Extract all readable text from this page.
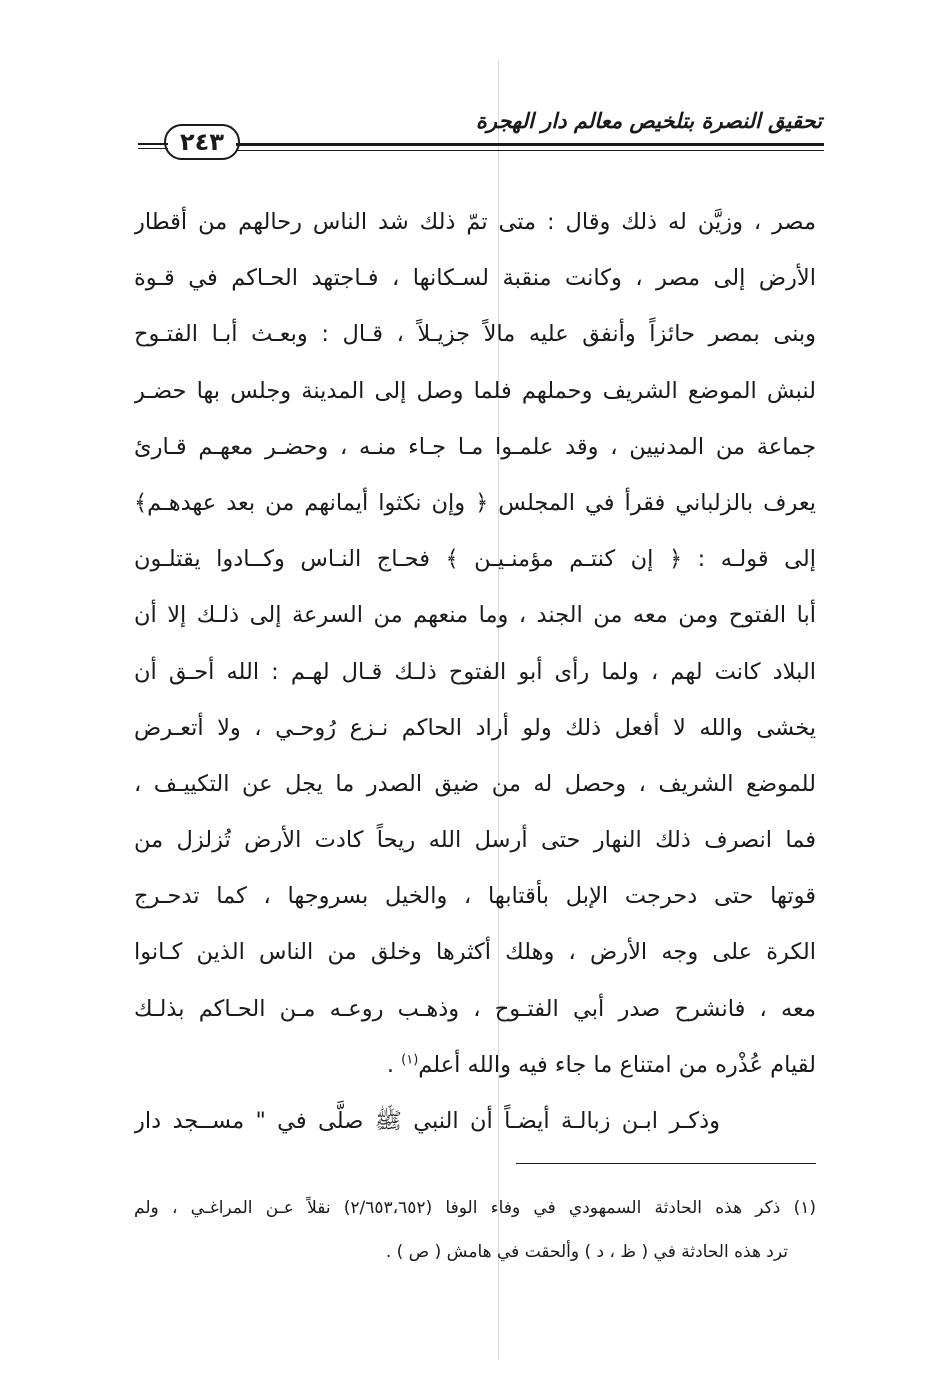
تحقيق النصرة بتلخيص معالم دار الهجرة
٢٤٣
مصر ، وزيَّن له ذلك وقال : متى تمّ ذلك شد الناس رحالهم من أقطار
الأرض إلى مصر ، وكانت منقبة لسـكانها ، فـاجتهد الحـاكم في قـوة
وبنى بمصر حائزاً وأنفق عليه مالاً جزيـلاً ، قـال : وبعـث أبـا الفتـوح
لنبش الموضع الشريف وحملهم فلما وصل إلى المدينة وجلس بها حضـر
جماعة من المدنيين ، وقد علمـوا مـا جـاء منـه ، وحضـر معهـم قـارئ
يعرف بالزلباني فقرأ في المجلس ﴿ وإن نكثوا أيمانهم من بعد عهدهـم﴾
إلى قولـه : ﴿ إن كنتـم مؤمنـيـن ﴾ فحـاج النـاس وكــادوا يقتلـون
أبا الفتوح ومن معه من الجند ، وما منعهم من السرعة إلى ذلـك إلا أن
البلاد كانت لهم ، ولما رأى أبو الفتوح ذلـك قـال لهـم : الله أحـق أن
يخشى والله لا أفعل ذلك ولو أراد الحاكم نـزع رُوحـي ، ولا أتعـرض
للموضع الشريف ، وحصل له من ضيق الصدر ما يجل عن التكييـف ،
فما انصرف ذلك النهار حتى أرسل الله ريحاً كادت الأرض تُزلزل من
قوتها حتى دحرجت الإبل بأقتابها ، والخيل بسروجها ، كما تدحـرج
الكرة على وجه الأرض ، وهلك أكثرها وخلق من الناس الذين كـانوا
معه ، فانشرح صدر أبي الفتـوح ، وذهـب روعـه مـن الحـاكم بذلـك
لقيام عُذْره من امتناع ما جاء فيه والله أعلم$^{(١)}$ .
وذكـر ابـن زبالـة أيضـاً أن النبي ﷺ صلَّى في " مســجد دار
(١) ذكر هذه الحادثة السمهودي في وفاء الوفا (٢/٦٥٣،٦٥٢) نقلاً عـن المراغـي ، ولم
ترد هذه الحادثة في ( ظ ، د ) وألحقت في هامش ( ص ) .
